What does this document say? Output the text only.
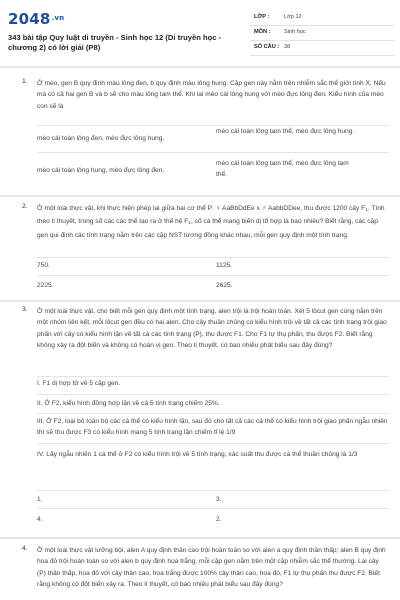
$2048^{.vn}$
343 bài tập Quy luật di truyền - Sinh học 12 (Di truyền học - chương 2) có lời giải (P8)
LỚP :	Lớp 12
MÔN : Sinh học
SỐ CÂU : 38
1. Ở mèo, gen B quy định màu lông đen, b quy định màu lông hung. Cặp gen này nằm trên nhiễm sắc thể giới tính X. Nếu mà có cả hai gen B và b sẽ cho màu lông tam thể. Khi lai mèo cái lông hung với mèo đực lông đen. Kiểu hình của mèo con sẽ là
mèo cái toàn lông đen, mèo đực lông hung.
mèo cái toàn lông tam thể, mèo đực lông hung.
mèo cái toàn lông hung, mèo đực lông đen.
mèo cái toàn lông tam thể, mèo đực lông tam thể.
2. Ở một loài thực vật, khi thực hiện phép lai giữa hai cơ thể P: ♀ AaBbDdEe x ♂ AabbDDee, thu được 1200 cây $F_1$. Tính theo lí thuyết, trong số các các thể tạo ra ở thế hệ $F_1$, số cá thể mang biến dị tổ hợp là bao nhiêu? Biết rằng, các cặp gen qui định các tính trạng nằm trên các cặp NST tương đồng khác nhau, mỗi gen quy định một tính trạng.
750.	1125.
2225.	2625.
3. Ở một loài thực vật, cho biết mỗi gen quy định một tính trạng, alen trội là trội hoàn toàn. Xét 5 lôcut gen cùng nằm trên một nhóm liên kết, mỗi lôcut gen đều có hai alen. Cho cây thuần chủng có kiểu hình trội về tất cả các tính trạng trội giao phấn với cây có kiểu hình lặn về tất cả các tính trạng (P), thu được F1. Cho F1 tự thụ phấn, thu được F2. Biết rằng không xảy ra đột biến và không có hoán vị gen. Theo lí thuyết, có bao nhiêu phát biểu sau đây đúng?
I. F1 dị hợp tử về 5 cặp gen.
II. Ở F2, kiểu hình đồng hợp lặn về cả 5 tính trạng chiếm 25%.
III. Ở F2, loại bỏ toàn bộ các cá thể có kiểu hình lặn, sau đó cho tất cả các cá thể có kiểu hình trội giao phấn ngẫu nhiên thì sẽ thu được F3 có kiểu hình mang 5 tính trạng lặn chiếm tỉ lệ 1/9
IV. Lấy ngẫu nhiên 1 cá thể ở F2 có kiểu hình trội về 5 tính trạng, xác suất thu được cá thể thuần chủng là 1/3
1.	3.
4.	2.
4. Ở một loài thực vật lưỡng bội, alen A quy định thân cao trội hoàn toàn so với alen a quy định thân thấp; alen B quy định hoa đỏ trội hoàn toàn so với alen b quy định hoa trắng, mỗi cặp gen nằm trên một cặp nhiễm sắc thể thường. Lai cây (P) thân thấp, hoa đỏ với cây thân cao, hoa trắng được 100% cây thân cao, hoa đỏ, F1 tự thụ phấn thu được F2. Biết rằng không có đột biến xảy ra. Theo lí thuyết, có bao nhiêu phát biểu sau đây đúng?
